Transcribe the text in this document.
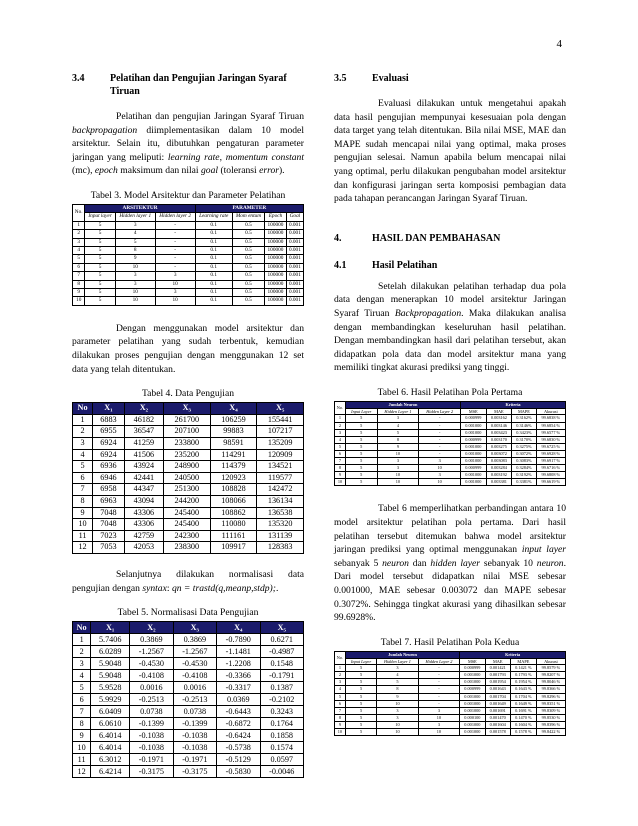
4
3.4	Pelatihan dan Pengujian Jaringan Syaraf Tiruan

Pelatihan dan pengujian Jaringan Syaraf Tiruan backpropagation diimplementasikan dalam 10 model arsitektur. Selain itu, dibutuhkan pengaturan parameter jaringan yang meliputi: learning rate, momentum constant (mc), epoch maksimum dan nilai goal (toleransi error).

Tabel 3. Model Arsitektur dan Parameter Pelatihan
No.	ARSITEKTUR			PARAMETER			
	Input layer	Hidden layer 1	Hidden layer 2	Learning rate	Mom entum	Epoch	Goal
1	5	3	-	0.1	0.5	100000	0.001
2	5	4	-	0.1	0.5	100000	0.001
3	5	5	-	0.1	0.5	100000	0.001
4	5	8	-	0.1	0.5	100000	0.001
5	5	9	-	0.1	0.5	100000	0.001
6	5	10	-	0.1	0.5	100000	0.001
7	5	3	3	0.1	0.5	100000	0.001
8	5	3	10	0.1	0.5	100000	0.001
9	5	10	3	0.1	0.5	100000	0.001
10	5	10	10	0.1	0.5	100000	0.001

Dengan menggunakan model arsitektur dan parameter pelatihan yang sudah terbentuk, kemudian dilakukan proses pengujian dengan menggunakan 12 set data yang telah ditentukan.

Tabel 4. Data Pengujian
No	X₁	X₂	X₃	X₄	X₅
1	6883	46182	261700	106259	155441
2	6955	36547	207100	99883	107217
3	6924	41259	233800	98591	135209
4	6924	41506	235200	114291	120909
5	6936	43924	248900	114379	134521
6	6946	42441	240500	120923	119577
7	6958	44347	251300	108828	142472
8	6963	43094	244200	108066	136134
9	7048	43306	245400	108862	136538
10	7048	43306	245400	110080	135320
11	7023	42759	242300	111161	131139
12	7053	42053	238300	109917	128383

Selanjutnya dilakukan normalisasi data pengujian dengan syntax: qn = trastd(q,meanp,stdp);.

Tabel 5. Normalisasi Data Pengujian
No	X₁	X₂	X₃	X₄	X₅
1	5.7406	0.3869	0.3869	-0.7890	0.6271
2	6.0289	-1.2567	-1.2567	-1.1481	-0.4987
3	5.9048	-0.4530	-0.4530	-1.2208	0.1548
4	5.9048	-0.4108	-0.4108	-0.3366	-0.1791
5	5.9528	0.0016	0.0016	-0.3317	0.1387
6	5.9929	-0.2513	-0.2513	0.0369	-0.2102
7	6.0409	0.0738	0.0738	-0.6443	0.3243
8	6.0610	-0.1399	-0.1399	-0.6872	0.1764
9	6.4014	-0.1038	-0.1038	-0.6424	0.1858
10	6.4014	-0.1038	-0.1038	-0.5738	0.1574
11	6.3012	-0.1971	-0.1971	-0.5129	0.0597
12	6.4214	-0.3175	-0.3175	-0.5830	-0.0046
3.5	Evaluasi

Evaluasi dilakukan untuk mengetahui apakah data hasil pengujian mempunyai kesesuaian pola dengan data target yang telah ditentukan. Bila nilai MSE, MAE dan MAPE sudah mencapai nilai yang optimal, maka proses pengujian selesai. Namun apabila belum mencapai nilai yang optimal, perlu dilakukan pengubahan model arsitektur dan konfigurasi jaringan serta komposisi pembagian data pada tahapan perancangan Jaringan Syaraf Tiruan.

4.	HASIL DAN PEMBAHASAN
4.1	Hasil Pelatihan

Setelah dilakukan pelatihan terhadap dua pola data dengan menerapkan 10 model arsitektur Jaringan Syaraf Tiruan Backpropagation. Maka dilakukan analisa dengan membandingkan keseluruhan hasil pelatihan. Dengan membandingkan hasil dari pelatihan tersebut, akan didapatkan pola data dan model arsitektur mana yang memiliki tingkat akurasi prediksi yang tinggi.

Tabel 6. Hasil Pelatihan Pola Pertama
No.	Jumlah Neuron			Kriteria			
	Input Layer	Hidden Layer 1	Hidden Layer 2	MSE	MAE	MAPE	Akurasi
1	5	3	-	0.000999	0.003162	0.3162%	99.6838 %
2	5	4	-	0.001000	0.003146	0.3146%	99.6854 %
3	5	5	-	0.001000	0.003423	0.3423%	99.6577 %
4	5	8	-	0.000999	0.003170	0.3170%	99.6830 %
5	5	9	-	0.001000	0.003275	0.3275%	99.6725 %
6	5	10	-	0.001000	0.003072	0.3072%	99.6928 %
7	5	3	3	0.001000	0.003083	0.3083%	99.6917 %
8	5	3	10	0.000999	0.003284	0.3284%	99.6716 %
9	5	10	3	0.001000	0.003192	0.3192%	99.6808 %
10	5	10	10	0.001000	0.003381	0.3381%	99.6619 %

Tabel 6 memperlihatkan perbandingan antara 10 model arsitektur pelatihan pola pertama. Dari hasil pelatihan tersebut ditemukan bahwa model arsitektur jaringan prediksi yang optimal menggunakan input layer sebanyak 5 neuron dan hidden layer sebanyak 10 neuron. Dari model tersebut didapatkan nilai MSE sebesar 0.001000, MAE sebesar 0.003072 dan MAPE sebesar 0.3072%. Sehingga tingkat akurasi yang dihasilkan sebesar 99.6928%.

Tabel 7. Hasil Pelatihan Pola Kedua
No.	Jumlah Neuron			Kriteria			
	Input Layer	Hidden Layer 1	Hidden Layer 2	MSE	MAE	MAPE	Akurasi
1	5	3	-	0.000999	0.001421	0.1421 %	99.8579 %
2	5	4	-	0.001000	0.001793	0.1793 %	99.8207 %
3	5	5	-	0.001000	0.001954	0.1954 %	99.8046 %
4	5	8	-	0.000999	0.001643	0.1643 %	99.8366 %
5	5	9	-	0.001000	0.001704	0.1704 %	99.8296 %
6	5	10	-	0.001000	0.001649	0.1649 %	99.8351 %
7	5	3	3	0.001000	0.001691	0.1691 %	99.8309 %
8	5	3	10	0.000100	0.001470	0.1470 %	99.8530 %
9	5	10	3	0.001000	0.001604	0.1604 %	99.8396 %
10	5	10	10	0.001000	0.001578	0.1578 %	99.8422 %
